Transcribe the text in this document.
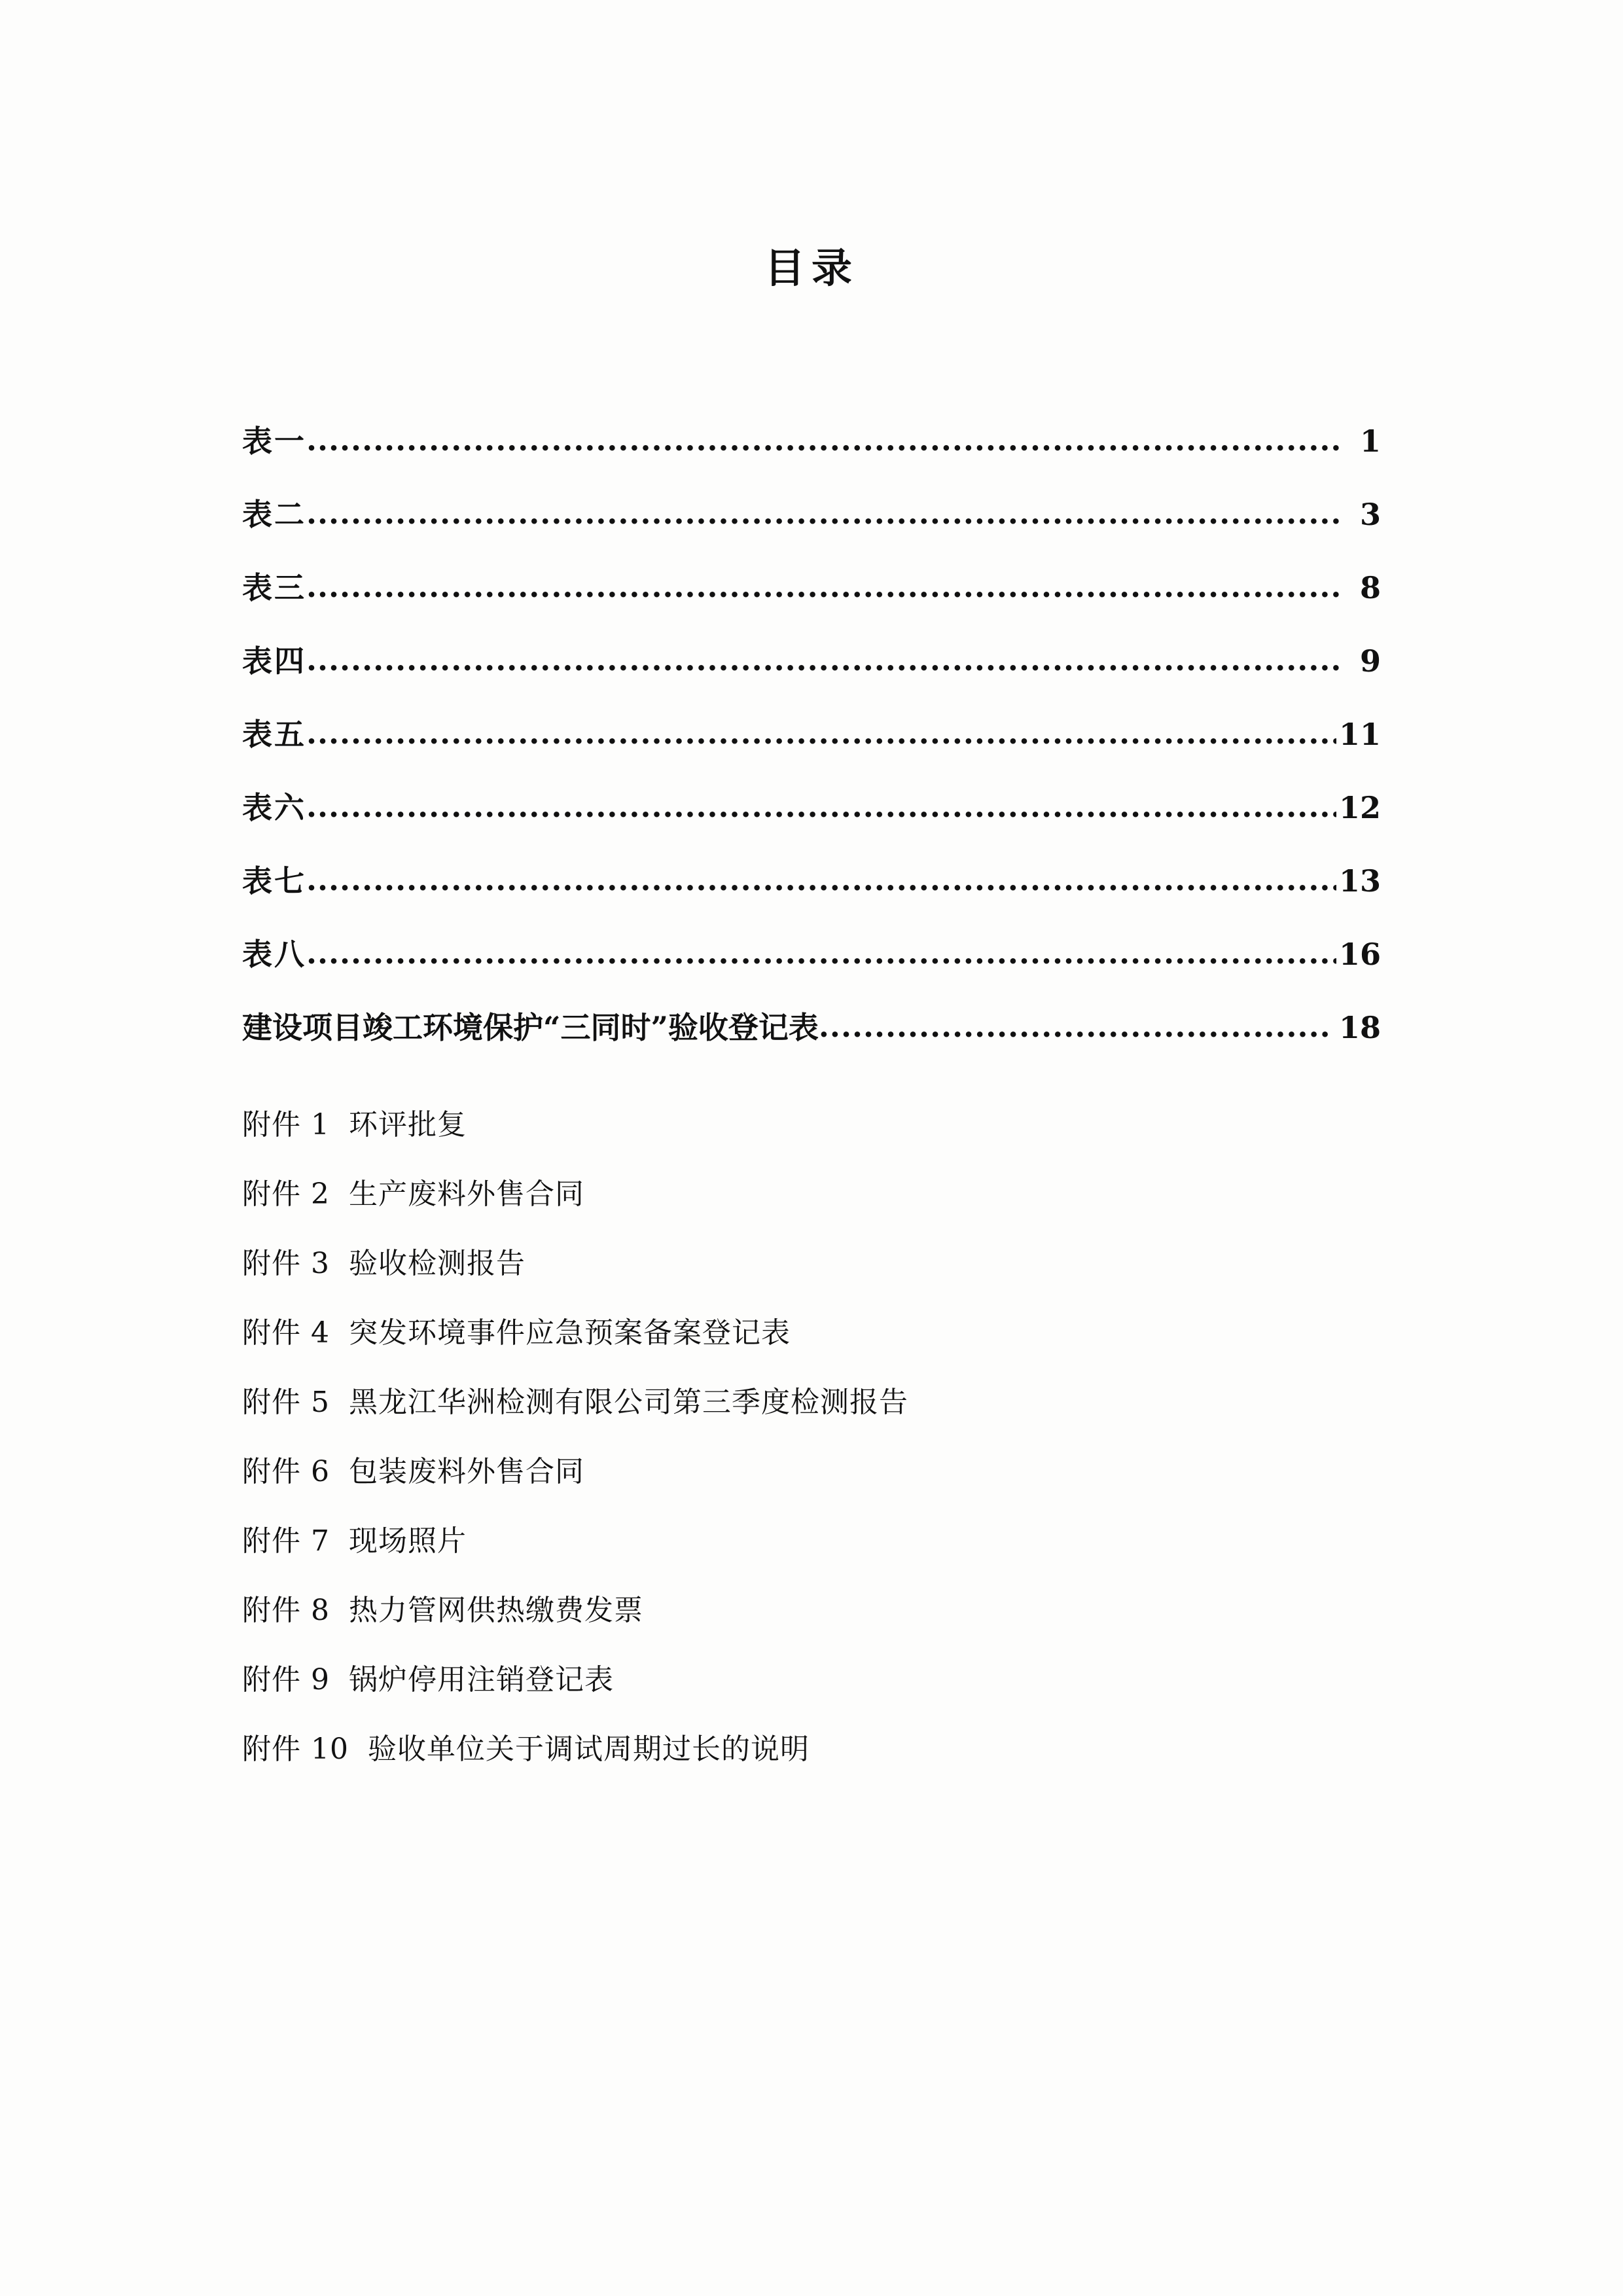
目录
表一 .....	1
表二 .....	3
表三 .....	8
表四 .....	9
表五 .....	11
表六 .....	12
表七 .....	13
表八 .....	16
建设项目竣工环境保护“三同时”验收登记表 .....	18
附件 1 环评批复
附件 2 生产废料外售合同
附件 3 验收检测报告
附件 4 突发环境事件应急预案备案登记表
附件 5 黑龙江华洲检测有限公司第三季度检测报告
附件 6 包装废料外售合同
附件 7 现场照片
附件 8 热力管网供热缴费发票
附件 9 锅炉停用注销登记表
附件 10 验收单位关于调试周期过长的说明
